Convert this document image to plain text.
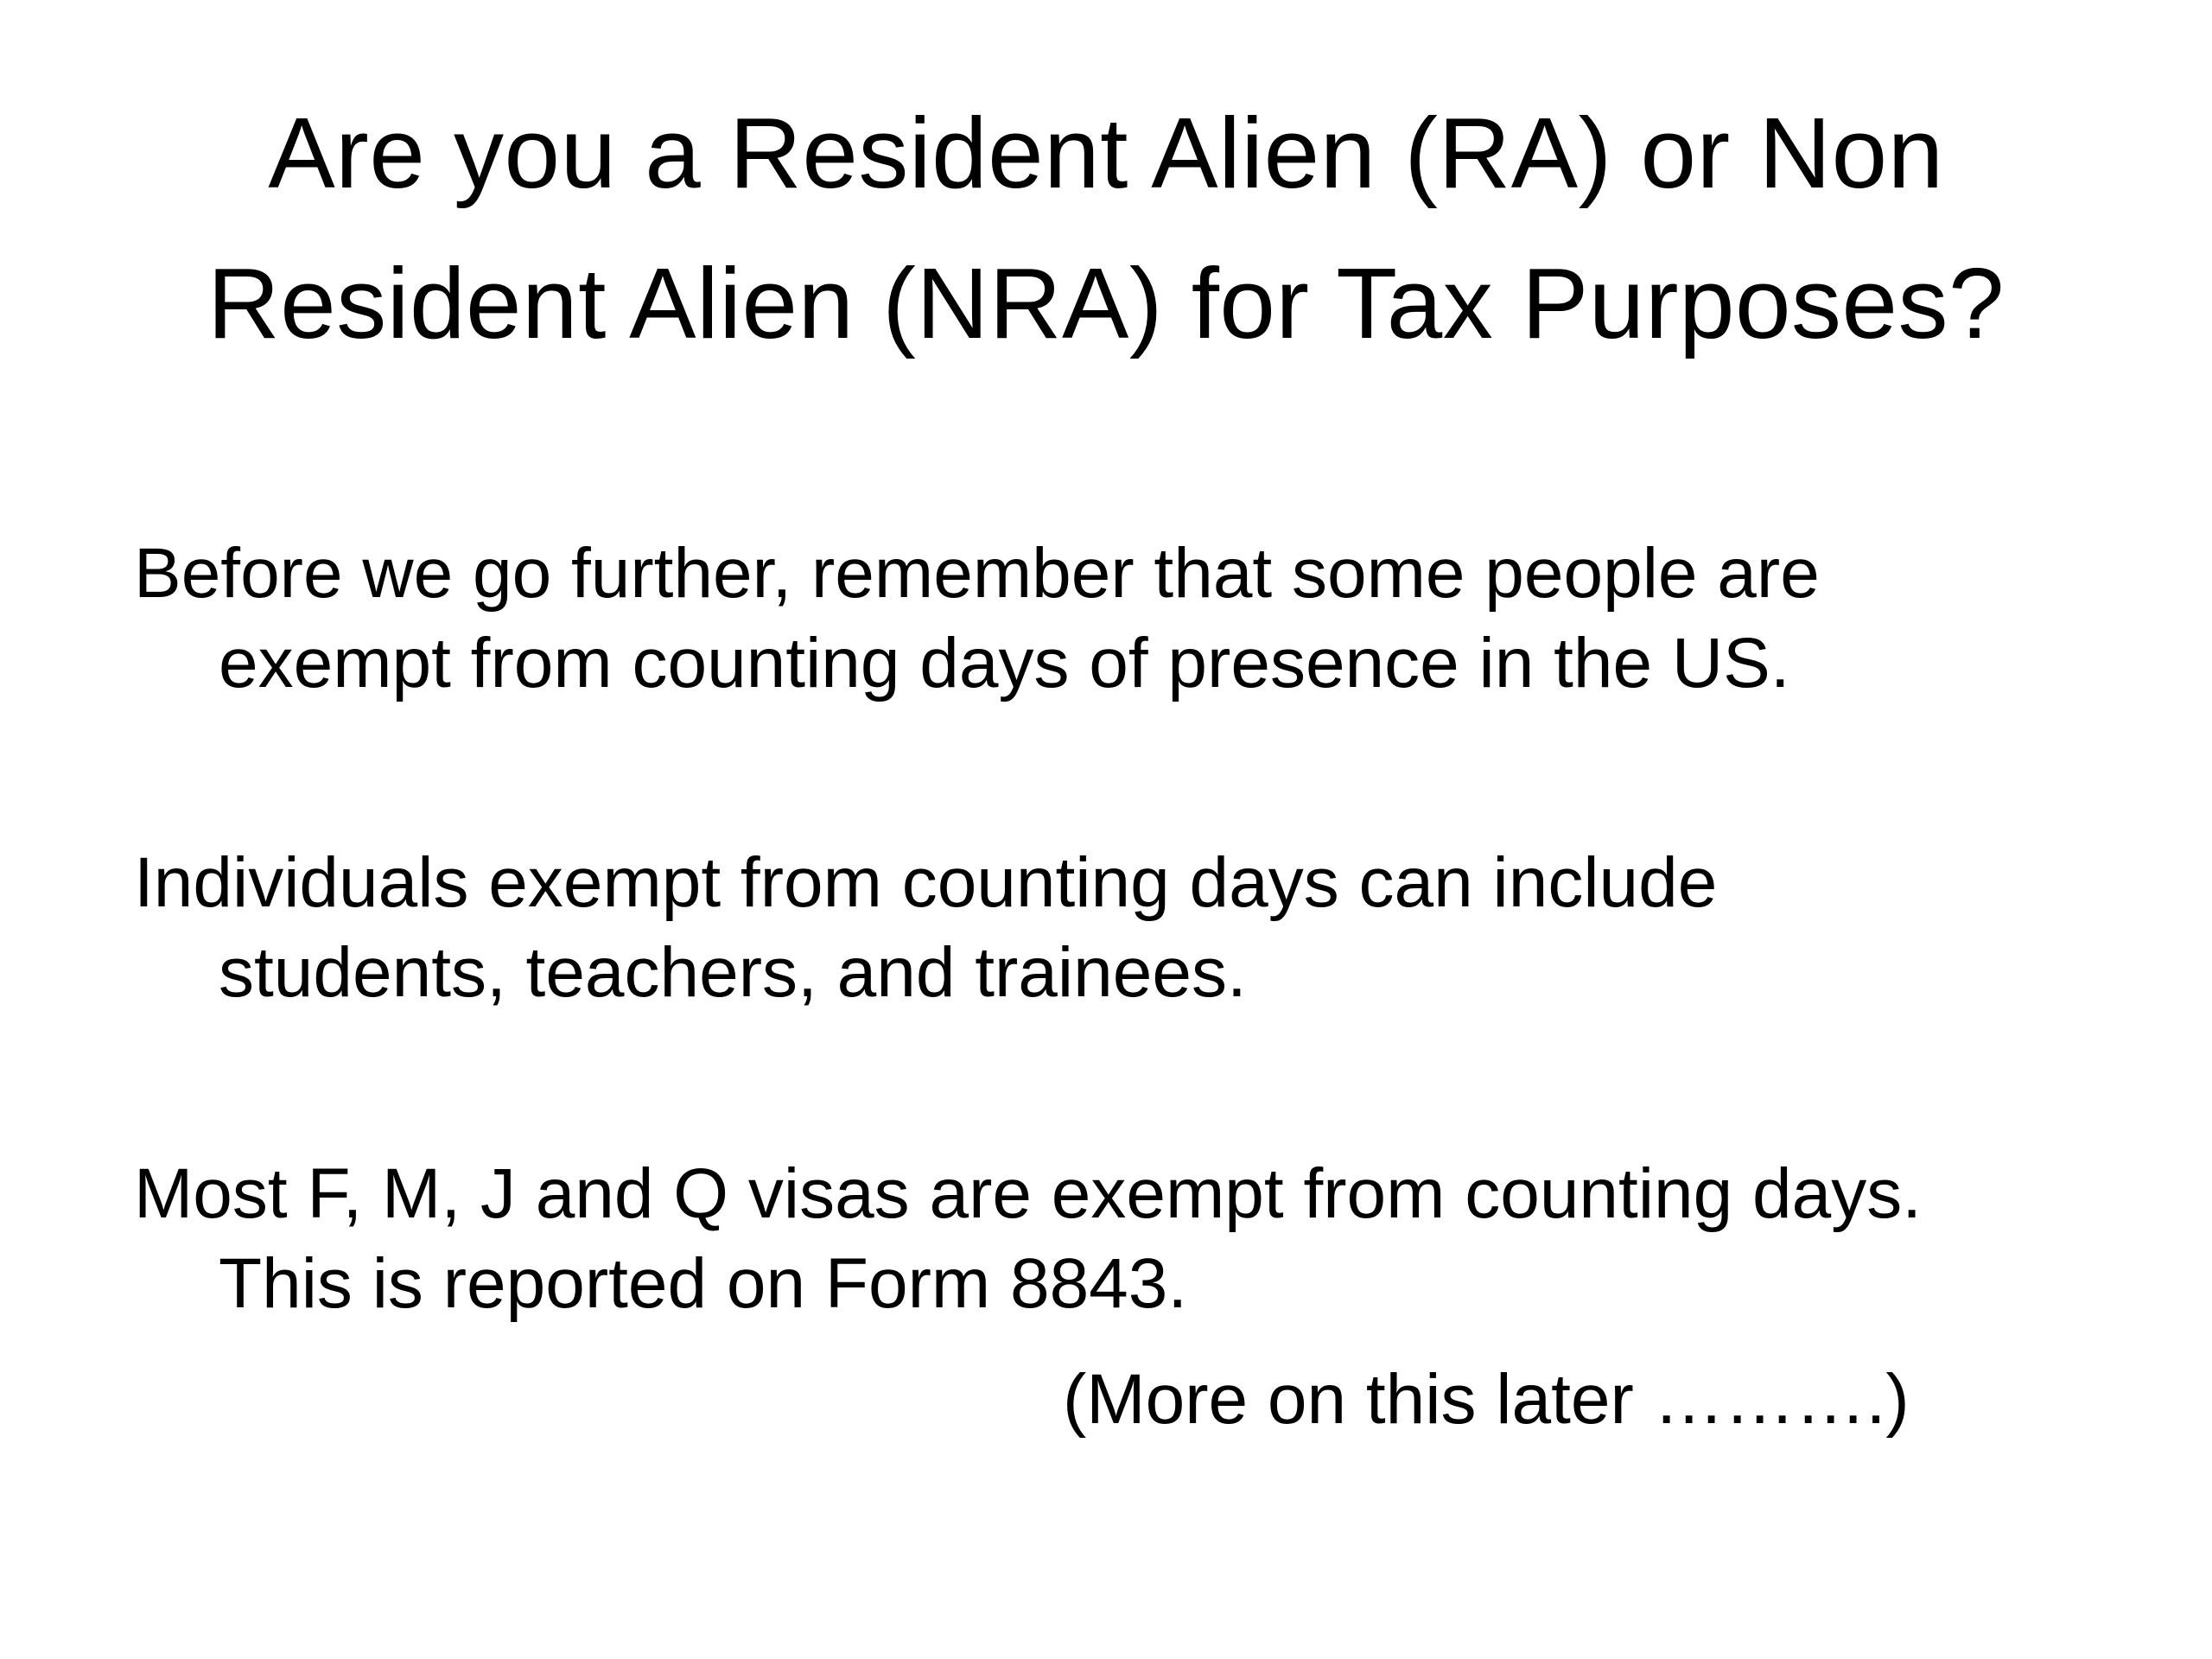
Are you a Resident Alien (RA) or Non
Resident Alien (NRA) for Tax Purposes?
Before we go further, remember that some people are
exempt from counting days of presence in the US.
Individuals exempt from counting days can include
students, teachers, and trainees.
Most F, M, J and Q visas are exempt from counting days.
This is reported on Form 8843.
(More on this later ……….)
